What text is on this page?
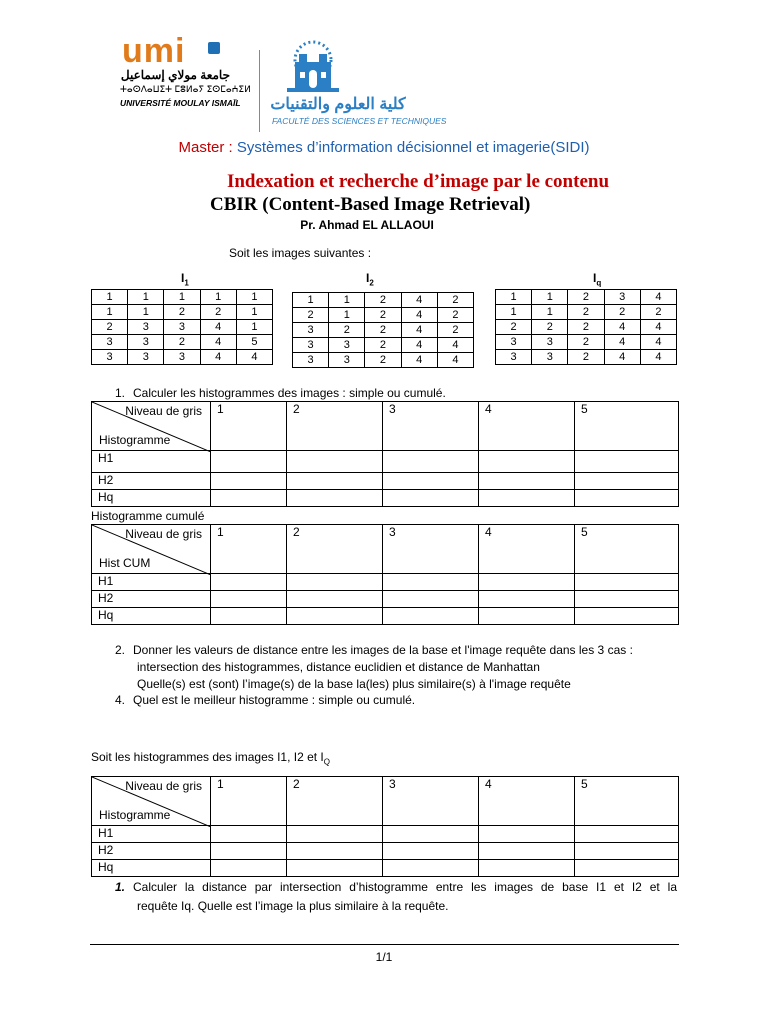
umi
جامعة مولاي إسماعيل
ⵜⴰⵙⴷⴰⵡⵉⵜ ⵎⵓⵍⴰⵢ ⵉⵙⵎⴰⵄⵉⵍ
UNIVERSITÉ MOULAY ISMAÏL كلية العلوم والتقنيات
FACULTÉ DES SCIENCES ET TECHNIQUES
Master : Systèmes d’information décisionnel et imagerie(SIDI)
Indexation et recherche d’image par le contenu
CBIR (Content-Based Image Retrieval)
Pr. Ahmad EL ALLAOUI
Soit les images suivantes :
$I_1$
1	1	1	1	1
1	1	2	2	1
2	3	3	4	1
3	3	2	4	5
3	3	3	4	4
$I_2$
1	1	2	4	2
2	1	2	4	2
3	2	2	4	2
3	3	2	4	4
3	3	2	4	4
$I_q$
1	1	2	3	4
1	1	2	2	2
2	2	2	4	4
3	3	2	4	4
3	3	2	4	4
1. Calculer les histogrammes des images : simple ou cumulé.
Niveau de gris
Histogramme	1	2	3	4	5
H1					
H2					
Hq					
Histogramme cumulé
Niveau de gris
Hist CUM	1	2	3	4	5
H1					
H2					
Hq					
2. Donner les valeurs de distance entre les images de la base et l'image requête dans les 3 cas :
intersection des histogrammes, distance euclidien et distance de Manhattan
Quelle(s) est (sont) l’image(s) de la base la(les) plus similaire(s) à l'image requête
4. Quel est le meilleur histogramme : simple ou cumulé.
Soit les histogrammes des images I1, I2 et $I_Q$
Niveau de gris
Histogramme	1	2	3	4	5
H1					
H2					
Hq					
1. Calculer la distance par intersection d’histogramme entre les images de base I1 et I2 et la
requête Iq. Quelle est l’image la plus similaire à la requête.
1/1
